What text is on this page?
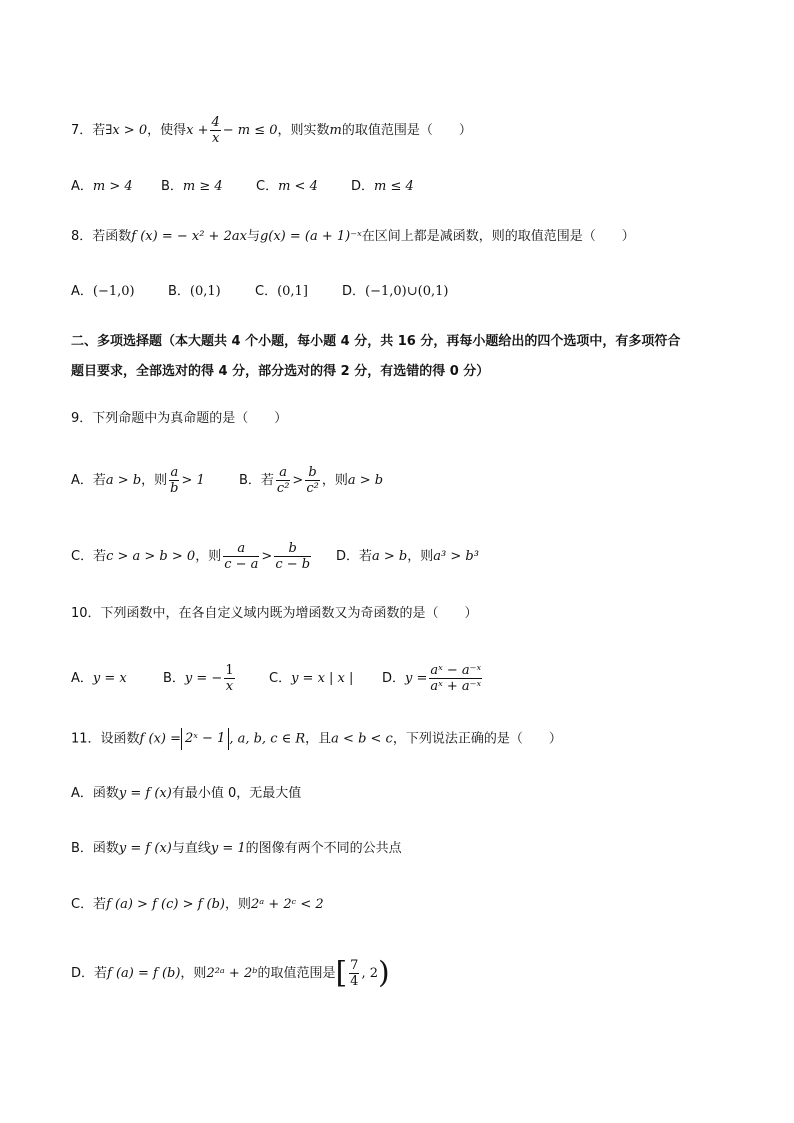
7．若∃x > 0，使得$x + \frac{4}{x} - m \le 0$，则实数m的取值范围是（　　）
A．m > 4 B．m ≥ 4	C．m < 4	D．m ≤ 4
8．若函数f (x) = − x² + 2ax与g(x) = (a + 1)⁻ˣ在区间上都是减函数，则的取值范围是（　　）
A．(−1,0)	B．(0,1)	C．(0,1]	D．(−1,0)∪(0,1)
二、多项选择题（本大题共 4 个小题，每小题 4 分，共 16 分，再每小题给出的四个选项中，有多项符合
题目要求，全部选对的得 4 分，部分选对的得 2 分，有选错的得 0 分）
9．下列命题中为真命题的是（　　）
A．若a > b，则 $\frac{a}{b} > 1$	B．若 $\frac{a}{\text{c²}} > \frac{b}{\text{c²}}$ ，则a > b
C．若c > a > b > 0，则 $\frac{a}{c - a} > \frac{b}{c - b}$ D．若a > b，则a³ > b³
10．下列函数中，在各自定义域内既为增函数又为奇函数的是（　　）
A．y = x	B．y = − $\frac{1}{x}$	C．y = x | x | D．$y = \frac{\text{aˣ − a⁻ˣ}}{\text{aˣ + a⁻ˣ}}$
11．设函数f (x) = 2ˣ − 1 , a, b, c ∈ R，且a < b < c，下列说法正确的是（　　）
A．函数y = f (x)有最小值 0，无最大值
B．函数y = f (x)与直线y = 1的图像有两个不同的公共点
C．若f (a) > f (c) > f (b)，则2ᵃ + 2ᶜ < 2
D．若f (a) = f (b)，则2²ᵃ + 2ᵇ的取值范围是[ $\frac{7}{4}$ , 2)
